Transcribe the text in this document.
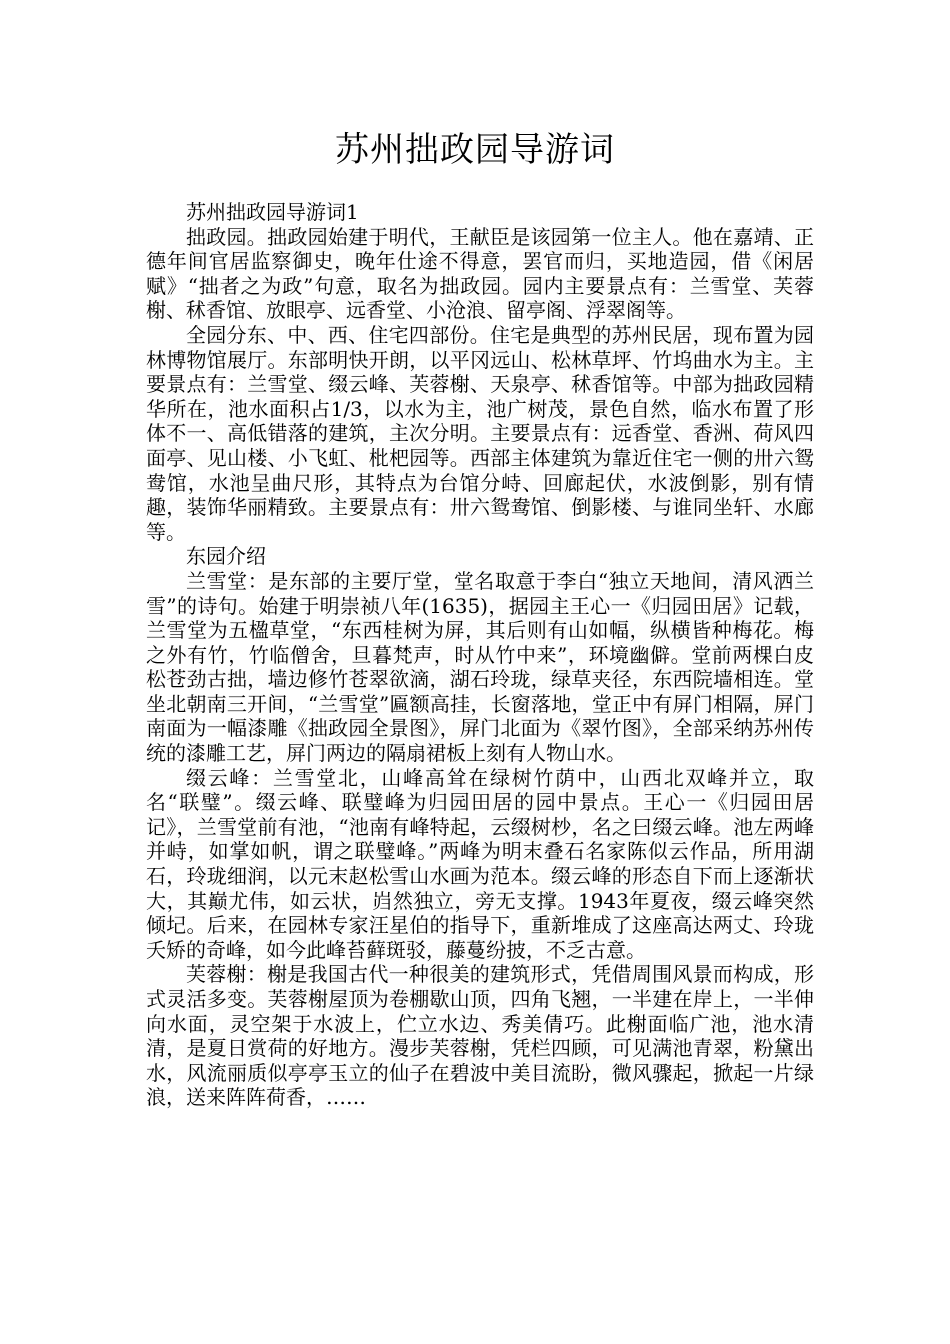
苏州拙政园导游词

苏州拙政园导游词1

拙政园。拙政园始建于明代，王献臣是该园第一位主人。他在嘉靖、正德年间官居监察御史，晚年仕途不得意，罢官而归，买地造园，借《闲居赋》“拙者之为政”句意，取名为拙政园。园内主要景点有：兰雪堂、芙蓉榭、秫香馆、放眼亭、远香堂、小沧浪、留亭阁、浮翠阁等。

全园分东、中、西、住宅四部份。住宅是典型的苏州民居，现布置为园林博物馆展厅。东部明快开朗，以平冈远山、松林草坪、竹坞曲水为主。主要景点有：兰雪堂、缀云峰、芙蓉榭、天泉亭、秫香馆等。中部为拙政园精华所在，池水面积占1/3，以水为主，池广树茂，景色自然，临水布置了形体不一、高低错落的建筑，主次分明。主要景点有：远香堂、香洲、荷风四面亭、见山楼、小飞虹、枇杷园等。西部主体建筑为靠近住宅一侧的卅六鸳鸯馆，水池呈曲尺形，其特点为台馆分峙、回廊起伏，水波倒影，别有情趣，装饰华丽精致。主要景点有：卅六鸳鸯馆、倒影楼、与谁同坐轩、水廊等。

东园介绍

兰雪堂：是东部的主要厅堂，堂名取意于李白“独立天地间，清风洒兰雪”的诗句。始建于明崇祯八年(1635)，据园主王心一《归园田居》记载，兰雪堂为五楹草堂，“东西桂树为屏，其后则有山如幅，纵横皆种梅花。梅之外有竹，竹临僧舍，旦暮梵声，时从竹中来”，环境幽僻。堂前两棵白皮松苍劲古拙，墙边修竹苍翠欲滴，湖石玲珑，绿草夹径，东西院墙相连。堂坐北朝南三开间，“兰雪堂”匾额高挂，长窗落地，堂正中有屏门相隔，屏门南面为一幅漆雕《拙政园全景图》，屏门北面为《翠竹图》，全部采纳苏州传统的漆雕工艺，屏门两边的隔扇裙板上刻有人物山水。

缀云峰：兰雪堂北，山峰高耸在绿树竹荫中，山西北双峰并立，取名“联璧”。缀云峰、联璧峰为归园田居的园中景点。王心一《归园田居记》，兰雪堂前有池，“池南有峰特起，云缀树杪，名之曰缀云峰。池左两峰并峙，如掌如帆，谓之联璧峰。”两峰为明末叠石名家陈似云作品，所用湖石，玲珑细润，以元末赵松雪山水画为范本。缀云峰的形态自下而上逐渐状大，其巅尤伟，如云状，岿然独立，旁无支撑。1943年夏夜，缀云峰突然倾圮。后来，在园林专家汪星伯的指导下，重新堆成了这座高达两丈、玲珑夭矫的奇峰，如今此峰苔藓斑驳，藤蔓纷披，不乏古意。

芙蓉榭：榭是我国古代一种很美的建筑形式，凭借周围风景而构成，形式灵活多变。芙蓉榭屋顶为卷棚歇山顶，四角飞翘，一半建在岸上，一半伸向水面，灵空架于水波上，伫立水边、秀美倩巧。此榭面临广池，池水清清，是夏日赏荷的好地方。漫步芙蓉榭，凭栏四顾，可见满池青翠，粉黛出水，风流丽质似亭亭玉立的仙子在碧波中美目流盼，微风骤起，掀起一片绿浪，送来阵阵荷香，……
